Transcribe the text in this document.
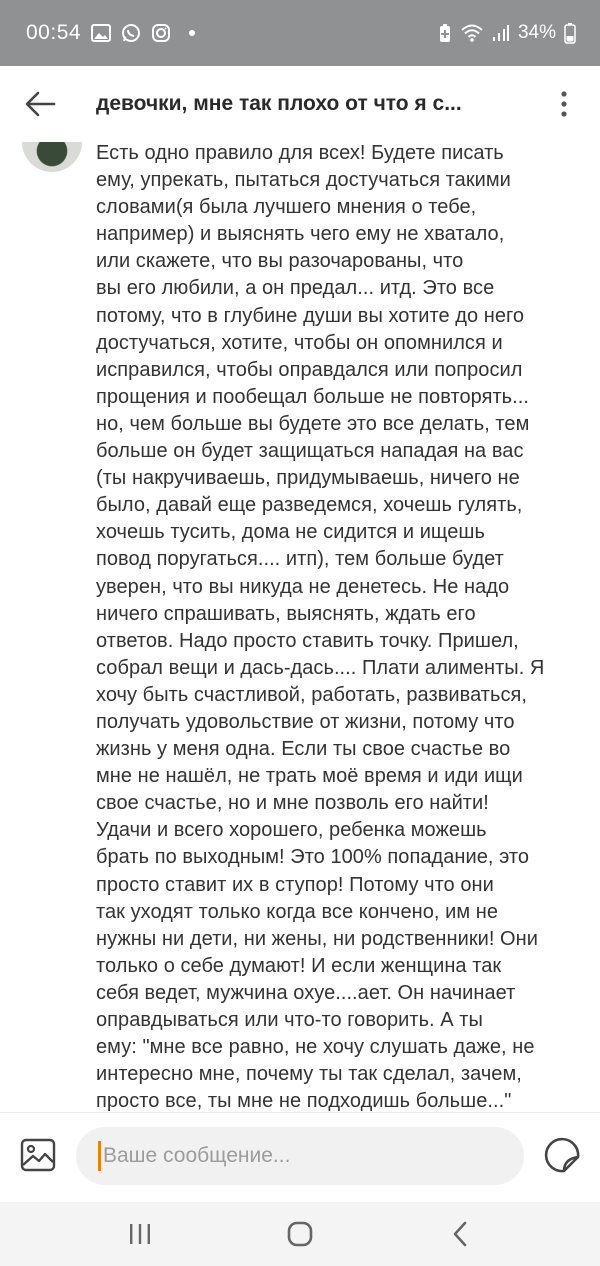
00:54	34%
девочки, мне так плохо от что я с...
Есть одно правило для всех! Будете писать
ему, упрекать, пытаться достучаться такими
словами(я была лучшего мнения о тебе,
например) и выяснять чего ему не хватало,
или скажете, что вы разочарованы, что
вы его любили, а он предал... итд. Это все
потому, что в глубине души вы хотите до него
достучаться, хотите, чтобы он опомнился и
исправился, чтобы оправдался или попросил
прощения и пообещал больше не повторять...
но, чем больше вы будете это все делать, тем
больше он будет защищаться нападая на вас
(ты накручиваешь, придумываешь, ничего не
было, давай еще разведемся, хочешь гулять,
хочешь тусить, дома не сидится и ищешь
повод поругаться.... итп), тем больше будет
уверен, что вы никуда не денетесь. Не надо
ничего спрашивать, выяснять, ждать его
ответов. Надо просто ставить точку. Пришел,
собрал вещи и дась-дась.... Плати алименты. Я
хочу быть счастливой, работать, развиваться,
получать удовольствие от жизни, потому что
жизнь у меня одна. Если ты свое счастье во
мне не нашёл, не трать моё время и иди ищи
свое счастье, но и мне позволь его найти!
Удачи и всего хорошего, ребенка можешь
брать по выходным! Это 100% попадание, это
просто ставит их в ступор! Потому что они
так уходят только когда все кончено, им не
нужны ни дети, ни жены, ни родственники! Они
только о себе думают! И если женщина так
себя ведет, мужчина охуе....ает. Он начинает
оправдываться или что-то говорить. А ты
ему: "мне все равно, не хочу слушать даже, не
интересно мне, почему ты так сделал, зачем,
просто все, ты мне не подходишь больше..."
Ваше сообщение...
